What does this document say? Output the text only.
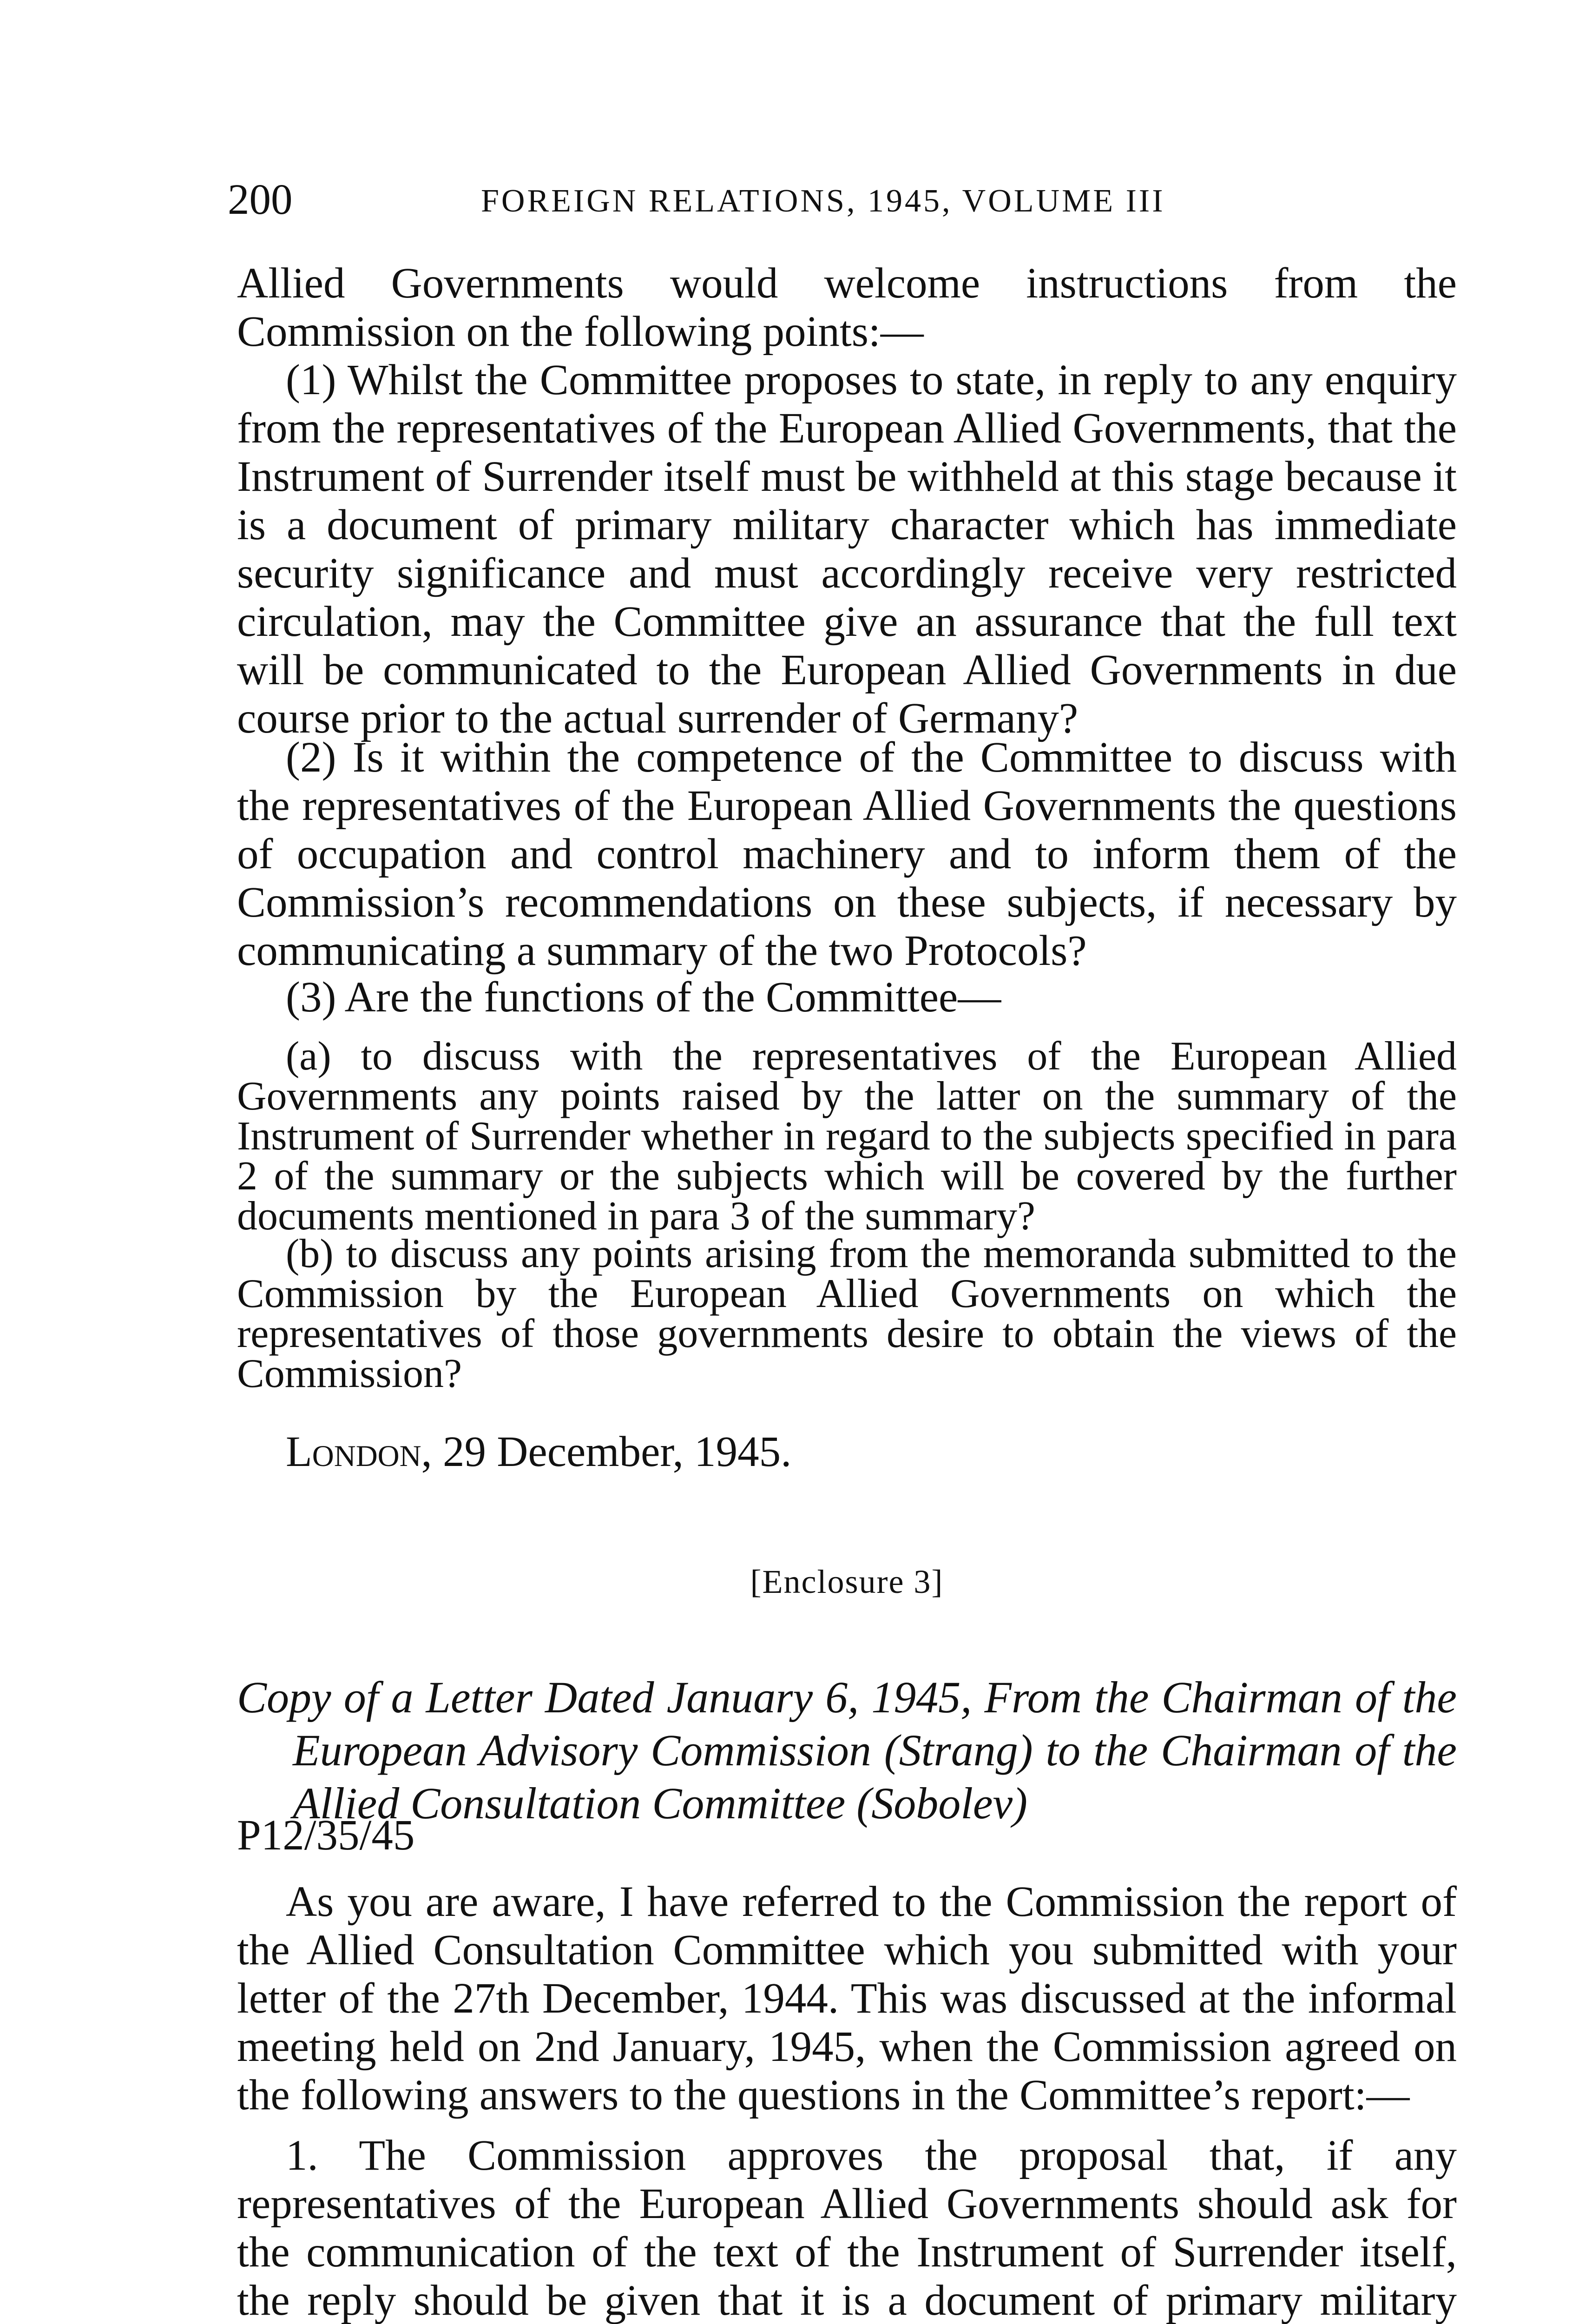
200	FOREIGN RELATIONS, 1945, VOLUME III

Allied Governments would welcome instructions from the Commission on the following points:—

(1) Whilst the Committee proposes to state, in reply to any enquiry from the representatives of the European Allied Governments, that the Instrument of Surrender itself must be withheld at this stage because it is a document of primary military character which has immediate security significance and must accordingly receive very restricted circulation, may the Committee give an assurance that the full text will be communicated to the European Allied Governments in due course prior to the actual surrender of Germany?

(2) Is it within the competence of the Committee to discuss with the representatives of the European Allied Governments the questions of occupation and control machinery and to inform them of the Commission’s recommendations on these subjects, if necessary by communicating a summary of the two Protocols?

(3) Are the functions of the Committee—

(a) to discuss with the representatives of the European Allied Governments any points raised by the latter on the summary of the Instrument of Surrender whether in regard to the subjects specified in para 2 of the summary or the subjects which will be covered by the further documents mentioned in para 3 of the summary?

(b) to discuss any points arising from the memoranda submitted to the Commission by the European Allied Governments on which the representatives of those governments desire to obtain the views of the Commission?

London, 29 December, 1945.

[Enclosure 3]

Copy of a Letter Dated January 6, 1945, From the Chairman of the European Advisory Commission (Strang) to the Chairman of the Allied Consultation Committee (Sobolev)

P12/35/45

As you are aware, I have referred to the Commission the report of the Allied Consultation Committee which you submitted with your letter of the 27th December, 1944. This was discussed at the informal meeting held on 2nd January, 1945, when the Commission agreed on the following answers to the questions in the Committee’s report:—

1. The Commission approves the proposal that, if any representatives of the European Allied Governments should ask for the communication of the text of the Instrument of Surrender itself, the reply should be given that it is a document of primary military
